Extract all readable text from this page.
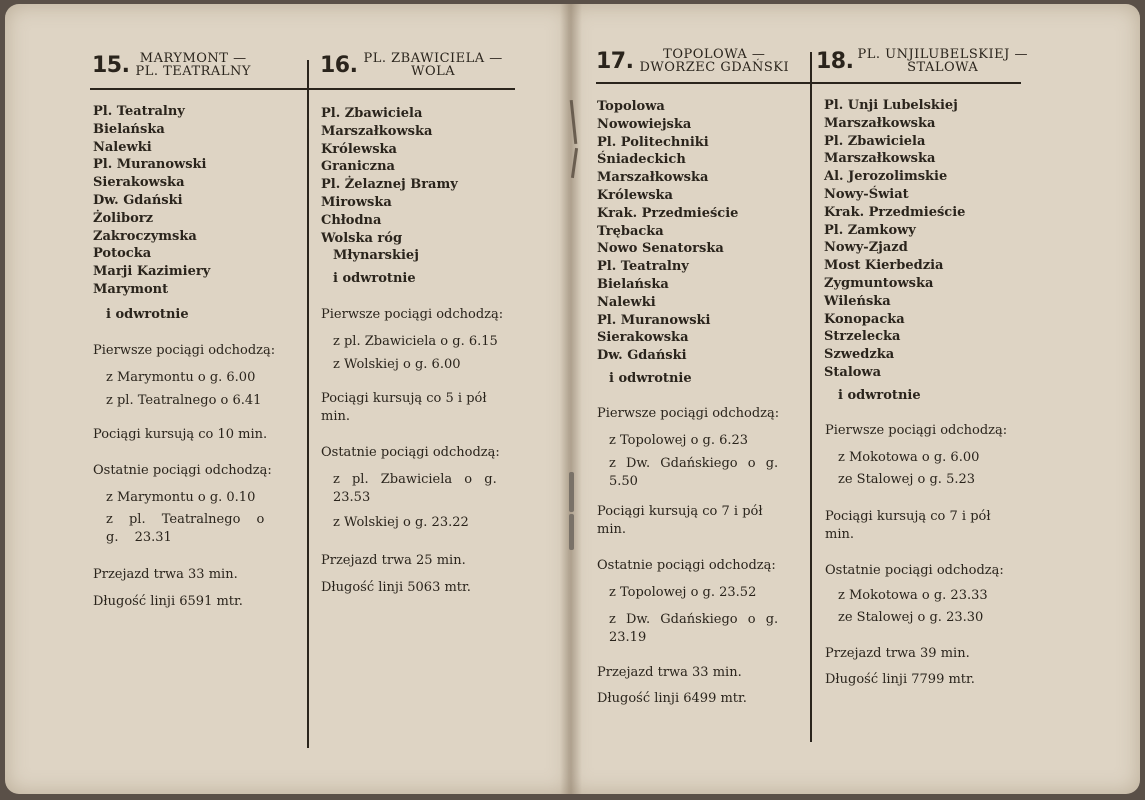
15. MARYMONT —
PL. TEATRALNY
Pl. Teatralny
Bielańska
Nalewki
Pl. Muranowski
Sierakowska
Dw. Gdański
Żoliborz
Zakroczymska
Potocka
Marji Kazimiery
Marymont
i odwrotnie
Pierwsze pociągi odchodzą:
z Marymontu o g. 6.00
z pl. Teatralnego o 6.41
Pociągi kursują co 10 min.
Ostatnie pociągi odchodzą:
z Marymontu o g. 0.10
z pl. Teatralnego o g. 23.31
Przejazd trwa 33 min.
Długość linji 6591 mtr.
16. PL. ZBAWICIELA —
WOLA
Pl. Zbawiciela
Marszałkowska
Królewska
Graniczna
Pl. Żelaznej Bramy
Mirowska
Chłodna
Wolska róg
Młynarskiej
i odwrotnie
Pierwsze pociągi odchodzą:
z pl. Zbawiciela o g. 6.15
z Wolskiej o g. 6.00
Pociągi kursują co 5 i pół min.
Ostatnie pociągi odchodzą:
z pl. Zbawiciela o g. 23.53
z Wolskiej o g. 23.22
Przejazd trwa 25 min.
Długość linji 5063 mtr.
17.	TOPOLOWA —
DWORZEC GDAŃSKI
Topolowa
Nowowiejska
Pl. Politechniki
Śniadeckich
Marszałkowska
Królewska
Krak. Przedmieście
Trębacka
Nowo Senatorska
Pl. Teatralny
Bielańska
Nalewki
Pl. Muranowski
Sierakowska
Dw. Gdański
i odwrotnie
Pierwsze pociągi odchodzą:
z Topolowej o g. 6.23
z Dw. Gdańskiego o g. 5.50
Pociągi kursują co 7 i pół min.
Ostatnie pociągi odchodzą:
z Topolowej o g. 23.52
z Dw. Gdańskiego o g. 23.19
Przejazd trwa 33 min.
Długość linji 6499 mtr.
18. PL. UNJILUBELSKIEJ —
STALOWA
Pl. Unji Lubelskiej
Marszałkowska
Pl. Zbawiciela
Marszałkowska
Al. Jerozolimskie
Nowy-Świat
Krak. Przedmieście
Pl. Zamkowy
Nowy-Zjazd
Most Kierbedzia
Zygmuntowska
Wileńska
Konopacka
Strzelecka
Szwedzka
Stalowa
i odwrotnie
Pierwsze pociągi odchodzą:
z Mokotowa o g. 6.00
ze Stalowej o g. 5.23
Pociągi kursują co 7 i pół min.
Ostatnie pociągi odchodzą:
z Mokotowa o g. 23.33
ze Stalowej o g. 23.30
Przejazd trwa 39 min.
Długość linji 7799 mtr.
